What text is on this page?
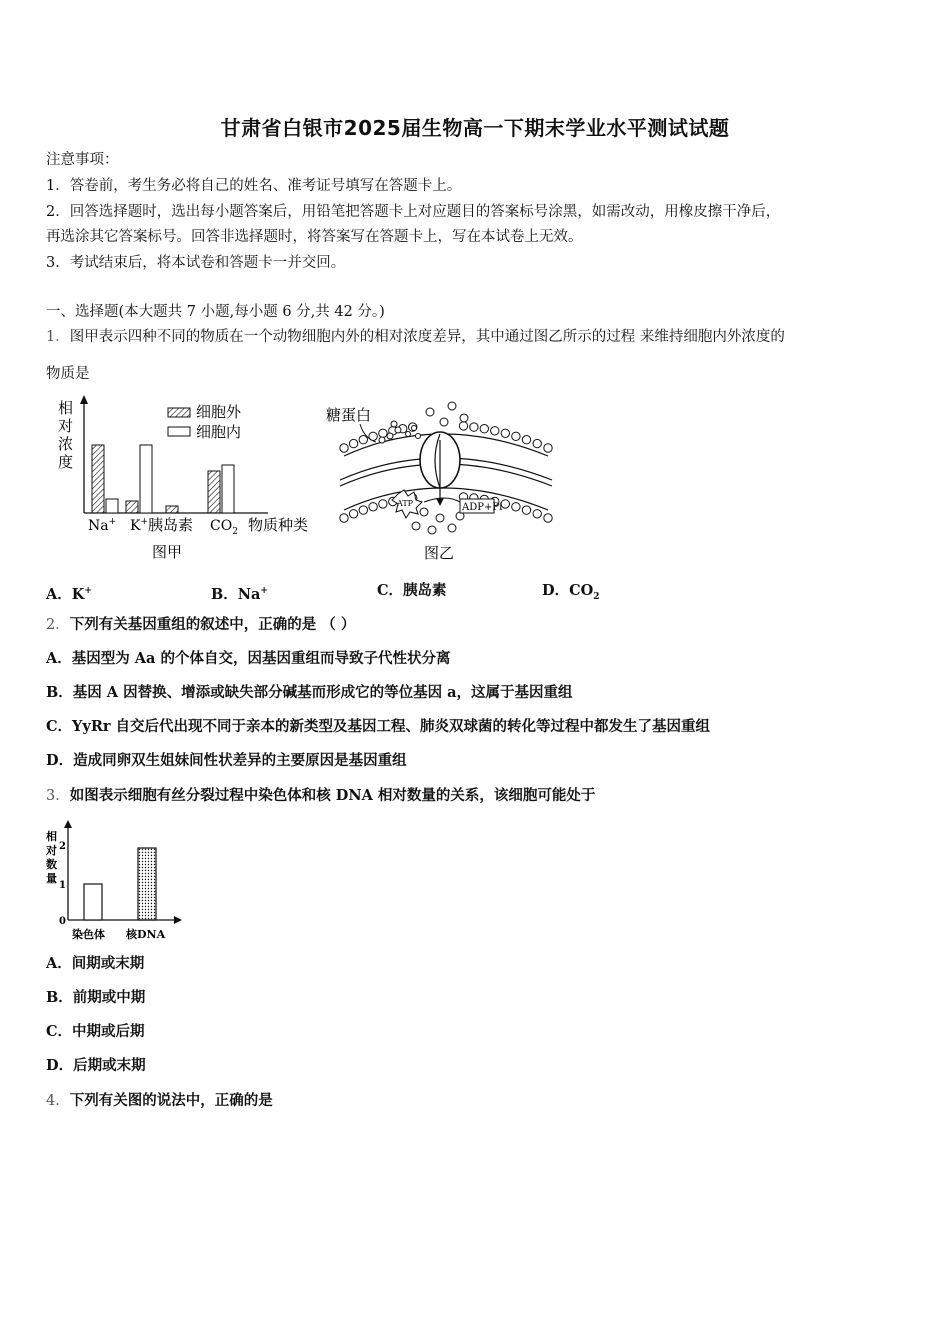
甘肃省白银市2025届生物高一下期末学业水平测试试题
注意事项：
1．答卷前，考生务必将自己的姓名、准考证号填写在答题卡上。
2．回答选择题时，选出每小题答案后，用铅笔把答题卡上对应题目的答案标号涂黑，如需改动，用橡皮擦干净后，
再选涂其它答案标号。回答非选择题时，将答案写在答题卡上，写在本试卷上无效。
3．考试结束后，将本试卷和答题卡一并交回。
一、选择题(本大题共 7 小题,每小题 6 分,共 42 分。)
1．图甲表示四种不同的物质在一个动物细胞内外的相对浓度差异，其中通过图乙所示的过程 来维持细胞内外浓度的
物质是
相
对
浓
度
细胞外
细胞内
Na+ K+ 胰岛素 $CO_2$ 物质种类
图甲
糖蛋白
ATP	ADP+Pi
图乙
A．K+	B．Na+	C．胰岛素	D．$CO_2$
2．下列有关基因重组的叙述中，正确的是 （ ）
A．基因型为 Aa 的个体自交，因基因重组而导致子代性状分离
B．基因 A 因替换、增添或缺失部分碱基而形成它的等位基因 a，这属于基因重组
C．YyRr 自交后代出现不同于亲本的新类型及基因工程、肺炎双球菌的转化等过程中都发生了基因重组
D．造成同卵双生姐妹间性状差异的主要原因是基因重组
3．如图表示细胞有丝分裂过程中染色体和核 DNA 相对数量的关系，该细胞可能处于
相
对
数
量
2
1
0
染色体 核DNA
A．间期或末期
B．前期或中期
C．中期或后期
D．后期或末期
4．下列有关图的说法中，正确的是
